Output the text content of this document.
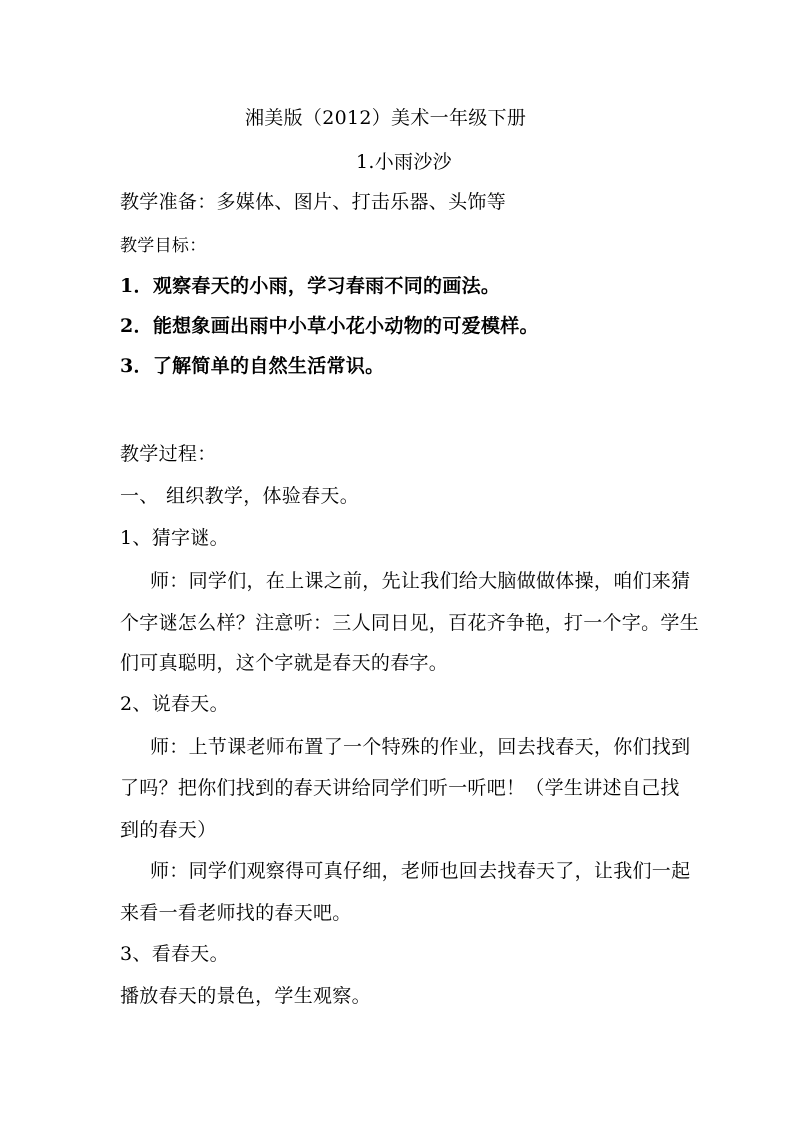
湘美版（2012）美术一年级下册
1.小雨沙沙
教学准备：多媒体、图片、打击乐器、头饰等
教学目标：
1．观察春天的小雨，学习春雨不同的画法。
2．能想象画出雨中小草小花小动物的可爱模样。
3．了解简单的自然生活常识。
教学过程：
一、 组织教学，体验春天。
1、猜字谜。
师：同学们，在上课之前，先让我们给大脑做做体操，咱们来猜
个字谜怎么样？注意听：三人同日见，百花齐争艳，打一个字。学生
们可真聪明，这个字就是春天的春字。
2、说春天。
师：上节课老师布置了一个特殊的作业，回去找春天，你们找到
了吗？把你们找到的春天讲给同学们听一听吧！（学生讲述自己找
到的春天）
师：同学们观察得可真仔细，老师也回去找春天了，让我们一起
来看一看老师找的春天吧。
3、看春天。
播放春天的景色，学生观察。
